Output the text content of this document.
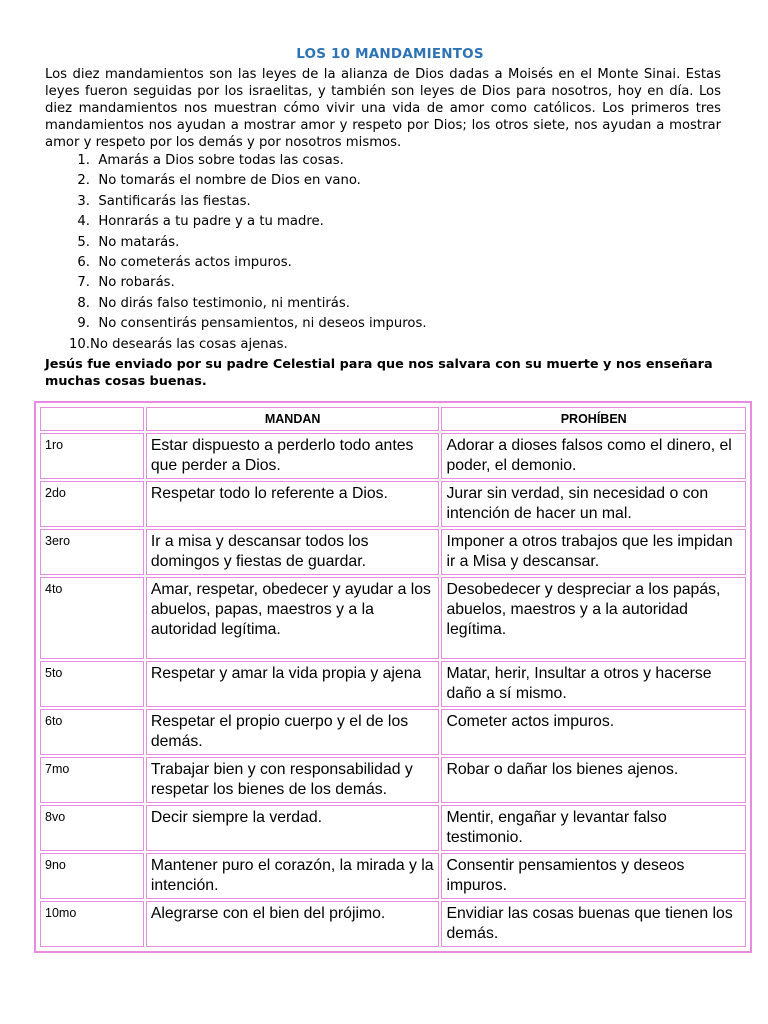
LOS 10 MANDAMIENTOS
Los diez mandamientos son las leyes de la alianza de Dios dadas a Moisés en el Monte Sinai. Estas leyes fueron seguidas por los israelitas, y también son leyes de Dios para nosotros, hoy en día. Los diez mandamientos nos muestran cómo vivir una vida de amor como católicos. Los primeros tres mandamientos nos ayudan a mostrar amor y respeto por Dios; los otros siete, nos ayudan a mostrar amor y respeto por los demás y por nosotros mismos.
1. Amarás a Dios sobre todas las cosas.
2. No tomarás el nombre de Dios en vano.
3. Santificarás las fiestas.
4. Honrarás a tu padre y a tu madre.
5. No matarás.
6. No cometerás actos impuros.
7. No robarás.
8. No dirás falso testimonio, ni mentirás.
9. No consentirás pensamientos, ni deseos impuros.
10.No desearás las cosas ajenas.
Jesús fue enviado por su padre Celestial para que nos salvara con su muerte y nos enseñara muchas cosas buenas.
	MANDAN	PROHÍBEN
1ro	Estar dispuesto a perderlo todo antes que perder a Dios.	Adorar a dioses falsos como el dinero, el poder, el demonio.
2do	Respetar todo lo referente a Dios.	Jurar sin verdad, sin necesidad o con intención de hacer un mal.
3ero	Ir a misa y descansar todos los domingos y fiestas de guardar.	Imponer a otros trabajos que les impidan ir a Misa y descansar.
4to	Amar, respetar, obedecer y ayudar a los abuelos, papas, maestros y a la autoridad legítima.	Desobedecer y despreciar a los papás, abuelos, maestros y a la autoridad legítima.
5to	Respetar y amar la vida propia y ajena	Matar, herir, Insultar a otros y hacerse daño a sí mismo.
6to	Respetar el propio cuerpo y el de los demás.	Cometer actos impuros.
7mo	Trabajar bien y con responsabilidad y respetar los bienes de los demás.	Robar o dañar los bienes ajenos.
8vo	Decir siempre la verdad.	Mentir, engañar y levantar falso testimonio.
9no	Mantener puro el corazón, la mirada y la intención.	Consentir pensamientos y deseos impuros.
10mo	Alegrarse con el bien del prójimo.	Envidiar las cosas buenas que tienen los demás.
